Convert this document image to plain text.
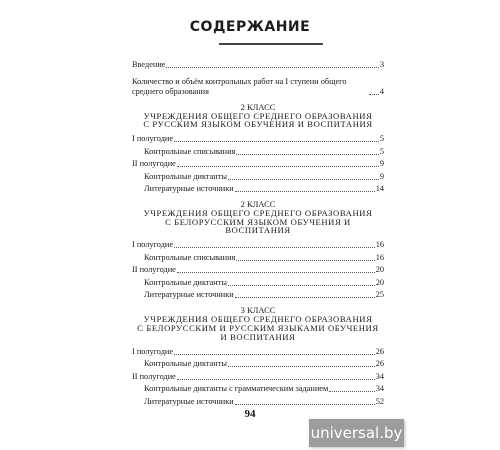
СОДЕРЖАНИЕ
Введение	3
Количество и объём контрольных работ на I ступени общего среднего образования	4
2 КЛАСС
УЧРЕЖДЕНИЯ ОБЩЕГО СРЕДНЕГО ОБРАЗОВАНИЯ
С РУССКИМ ЯЗЫКОМ ОБУЧЕНИЯ И ВОСПИТАНИЯ
I полугодие	5
Контрольные списывания	5
II полугодие	9
Контрольные диктанты	9
Литературные источники	14
2 КЛАСС
УЧРЕЖДЕНИЯ ОБЩЕГО СРЕДНЕГО ОБРАЗОВАНИЯ
С БЕЛОРУССКИМ ЯЗЫКОМ ОБУЧЕНИЯ И ВОСПИТАНИЯ
I полугодие	16
Контрольные списывания	16
II полугодие	20
Контрольные диктанты	20
Литературные источники	25
3 КЛАСС
УЧРЕЖДЕНИЯ ОБЩЕГО СРЕДНЕГО ОБРАЗОВАНИЯ
С БЕЛОРУССКИМ И РУССКИМ ЯЗЫКАМИ ОБУЧЕНИЯ
И ВОСПИТАНИЯ
I полугодие	26
Контрольные диктанты	26
II полугодие	34
Контрольные диктанты с грамматическим заданием	34
Литературные источники	52
94
universal.by
